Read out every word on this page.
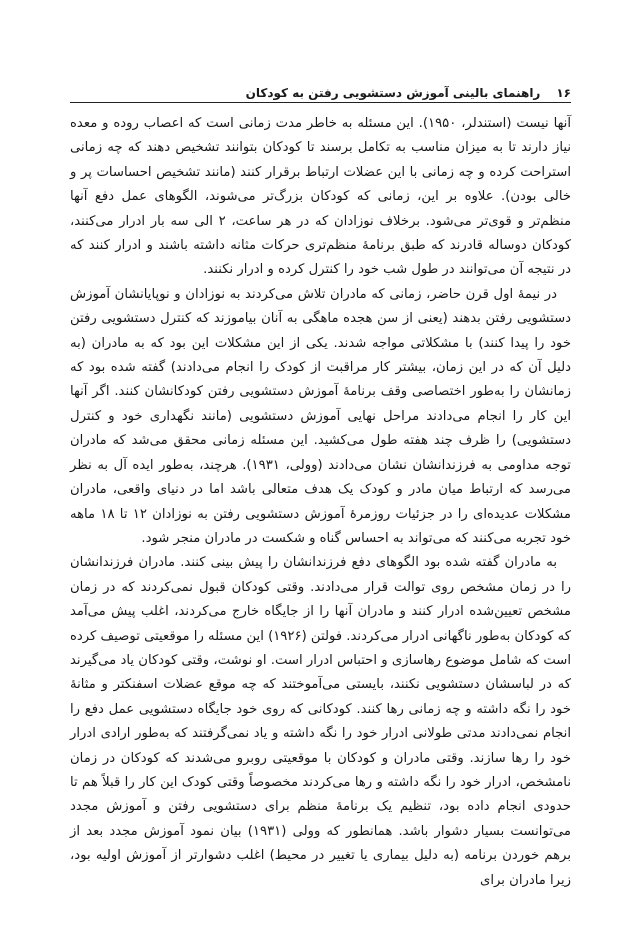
۱۶
راهنمای بالینی آموزش دستشویی رفتن به کودکان

آنها نیست (استندلر، ۱۹۵۰). این مسئله به خاطر مدت زمانی است که اعصاب روده و معده نیاز دارند تا به میزان مناسب به تکامل برسند تا کودکان بتوانند تشخیص دهند که چه زمانی استراحت کرده و چه زمانی با این عضلات ارتباط برقرار کنند (مانند تشخیص احساسات پر و خالی بودن). علاوه بر این، زمانی که کودکان بزرگ‌تر می‌شوند، الگوهای عمل دفع آنها منظم‌تر و قوی‌تر می‌شود. برخلاف نوزادان که در هر ساعت، ۲ الی سه بار ادرار می‌کنند، کودکان دوساله قادرند که طبق برنامهٔ منظم‌تری حرکات مثانه داشته باشند و ادرار کنند که در نتیجه آن می‌توانند در طول شب خود را کنترل کرده و ادرار نکنند.

در نیمهٔ اول قرن حاضر، زمانی که مادران تلاش می‌کردند به نوزادان و نوپایانشان آموزش دستشویی رفتن بدهند (یعنی از سن هجده ماهگی به آنان بیاموزند که کنترل دستشویی رفتن خود را پیدا کنند) با مشکلاتی مواجه شدند. یکی از این مشکلات این بود که به مادران (به دلیل آن که در این زمان، بیشتر کار مراقبت از کودک را انجام می‌دادند) گفته شده بود که زمانشان را به‌طور اختصاصی وقف برنامهٔ آموزش دستشویی رفتن کودکانشان کنند. اگر آنها این کار را انجام می‌دادند مراحل نهایی آموزش دستشویی (مانند نگهداری خود و کنترل دستشویی) را ظرف چند هفته طول می‌کشید. این مسئله زمانی محقق می‌شد که مادران توجه مداومی به فرزندانشان نشان می‌دادند (وولی، ۱۹۳۱). هرچند، به‌طور ایده آل به نظر می‌رسد که ارتباط میان مادر و کودک یک هدف متعالی باشد اما در دنیای واقعی، مادران مشکلات عدیده‌ای را در جزئیات روزمرهٔ آموزش دستشویی رفتن به نوزادان ۱۲ تا ۱۸ ماهه خود تجربه می‌کنند که می‌تواند به احساس گناه و شکست در مادران منجر شود.

به مادران گفته شده بود الگوهای دفع فرزندانشان را پیش بینی کنند. مادران فرزندانشان را در زمان مشخص روی توالت قرار می‌دادند. وقتی کودکان قبول نمی‌کردند که در زمان مشخص تعیین‌شده ادرار کنند و مادران آنها را از جایگاه خارج می‌کردند، اغلب پیش می‌آمد که کودکان به‌طور ناگهانی ادرار می‌کردند. فولتن (۱۹۲۶) این مسئله را موقعیتی توصیف کرده است که شامل موضوع رهاسازی و احتباس ادرار است. او نوشت، وقتی کودکان یاد می‌گیرند که در لباسشان دستشویی نکنند، بایستی می‌آموختند که چه موقع عضلات اسفنکتر و مثانهٔ خود را نگه داشته و چه زمانی رها کنند. کودکانی که روی خود جایگاه دستشویی عمل دفع را انجام نمی‌دادند مدتی طولانی ادرار خود را نگه داشته و یاد نمی‌گرفتند که به‌طور ارادی ادرار خود را رها سازند. وقتی مادران و کودکان با موقعیتی روبرو می‌شدند که کودکان در زمان نامشخص، ادرار خود را نگه داشته و رها می‌کردند مخصوصاً وقتی کودک این کار را قبلاً هم تا حدودی انجام داده بود، تنظیم یک برنامهٔ منظم برای دستشویی رفتن و آموزش مجدد می‌توانست بسیار دشوار باشد. همانطور که وولی (۱۹۳۱) بیان نمود آموزش مجدد بعد از برهم خوردن برنامه (به دلیل بیماری یا تغییر در محیط) اغلب دشوارتر از آموزش اولیه بود، زیرا مادران برای
